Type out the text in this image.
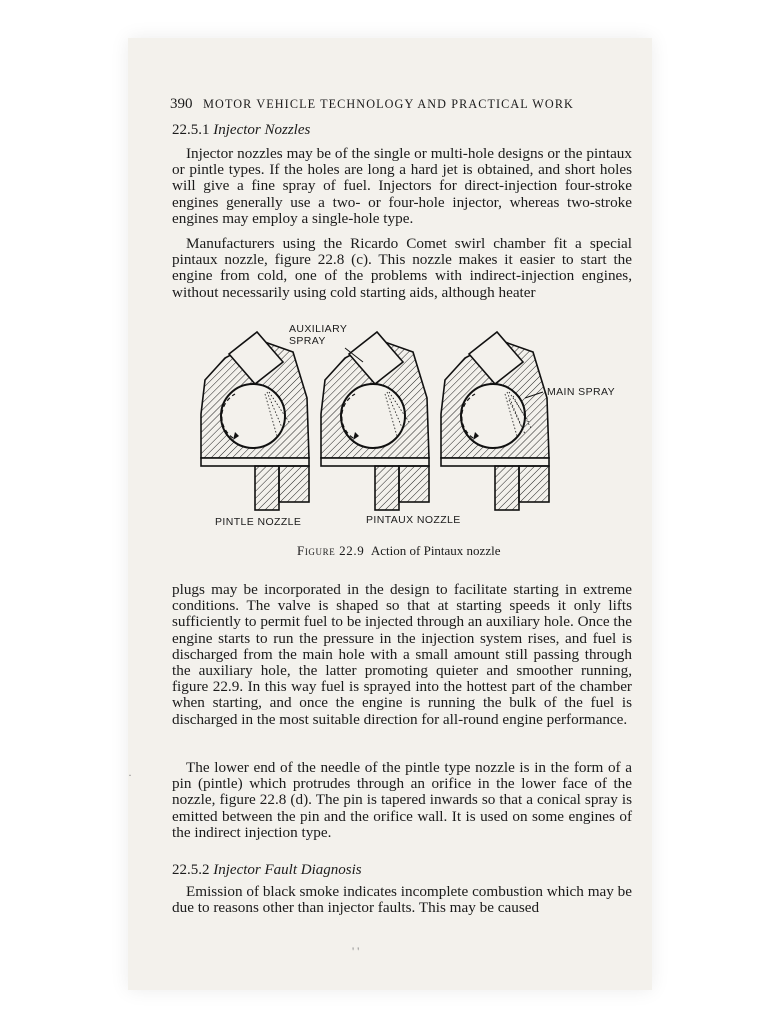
390 MOTOR VEHICLE TECHNOLOGY AND PRACTICAL WORK
22.5.1 Injector Nozzles

Injector nozzles may be of the single or multi-hole designs or the pintaux or pintle types. If the holes are long a hard jet is obtained, and short holes will give a fine spray of fuel. Injectors for direct-injection four-stroke engines generally use a two- or four-hole injector, whereas two-stroke engines may employ a single-hole type.

Manufacturers using the Ricardo Comet swirl chamber fit a special pintaux nozzle, figure 22.8 (c). This nozzle makes it easier to start the engine from cold, one of the problems with indirect-injection engines, without necessarily using cold starting aids, although heater

AUXILIARY
SPRAY
MAIN SPRAY
PINTLE NOZZLE	PINTAUX NOZZLE
Figure 22.9 Action of Pintaux nozzle

plugs may be incorporated in the design to facilitate starting in extreme conditions. The valve is shaped so that at starting speeds it only lifts sufficiently to permit fuel to be injected through an auxiliary hole. Once the engine starts to run the pressure in the injection system rises, and fuel is discharged from the main hole with a small amount still passing through the auxiliary hole, the latter promoting quieter and smoother running, figure 22.9. In this way fuel is sprayed into the hottest part of the chamber when starting, and once the engine is running the bulk of the fuel is discharged in the most suitable direction for all-round engine performance.

The lower end of the needle of the pintle type nozzle is in the form of a pin (pintle) which protrudes through an orifice in the lower face of the nozzle, figure 22.8 (d). The pin is tapered inwards so that a conical spray is emitted between the pin and the orifice wall. It is used on some engines of the indirect injection type.

22.5.2 Injector Fault Diagnosis

Emission of black smoke indicates incomplete combustion which may be due to reasons other than injector faults. This may be caused

·
' '
